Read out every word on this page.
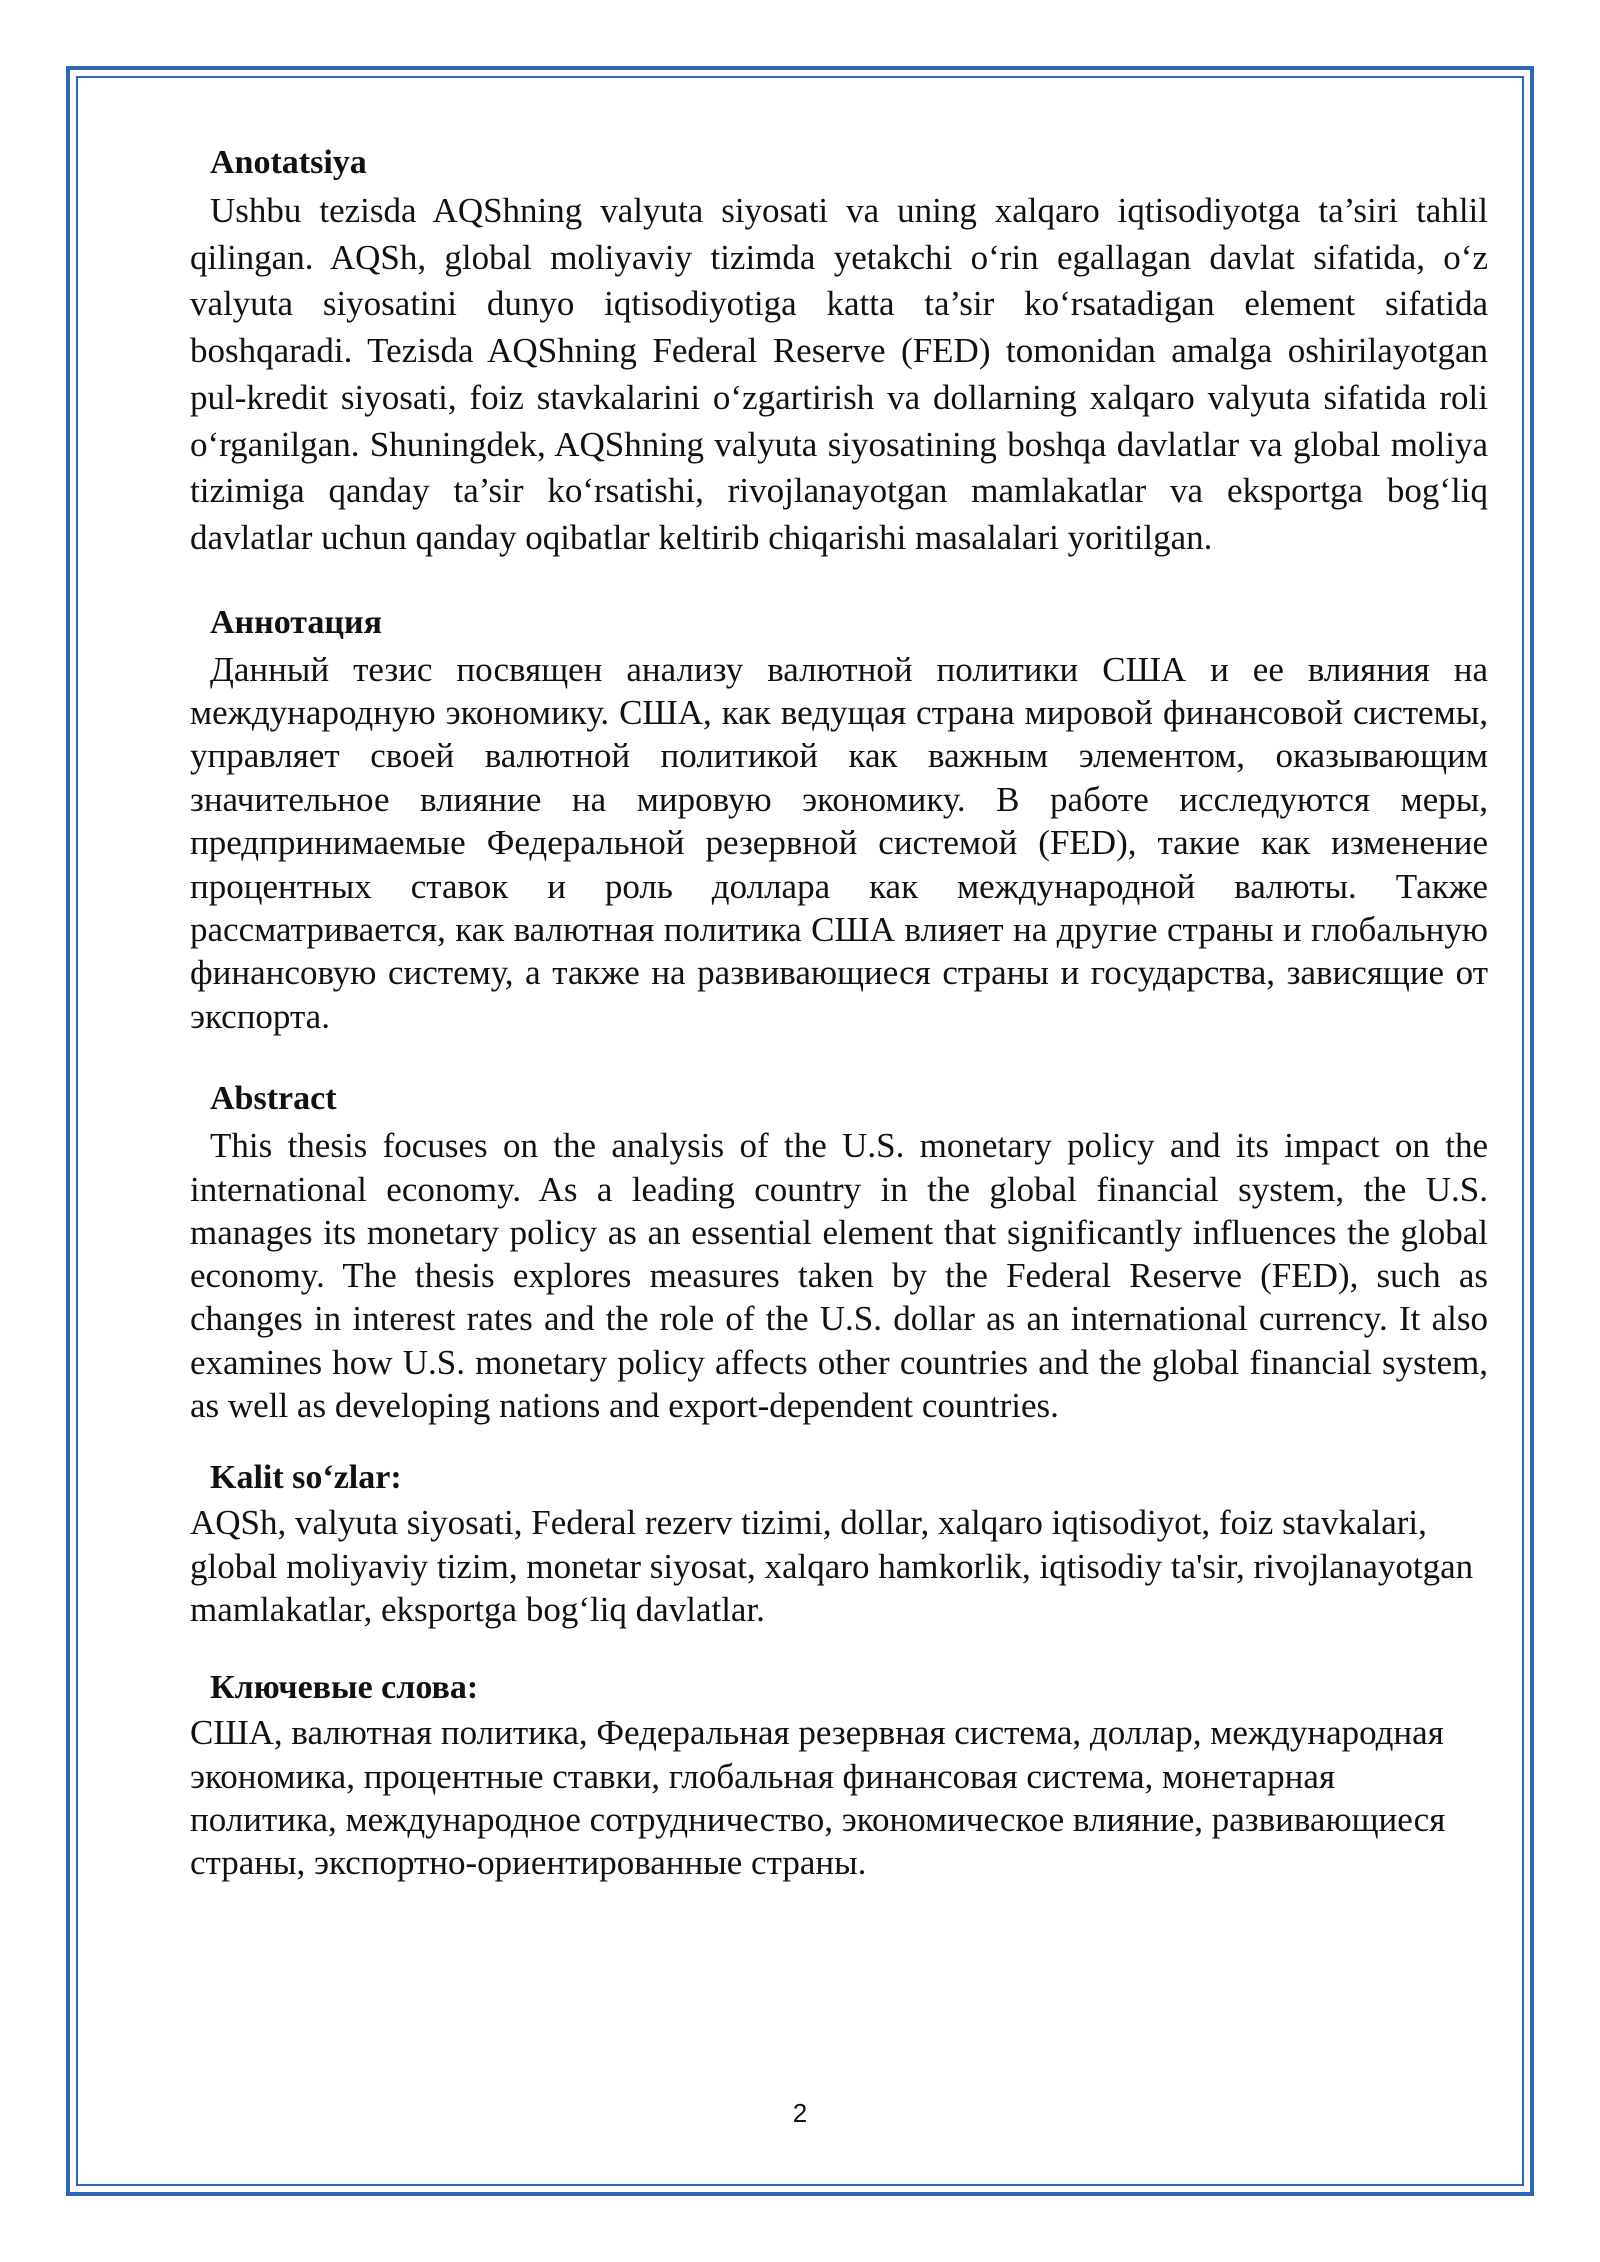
Anotatsiya

Ushbu tezisda AQShning valyuta siyosati va uning xalqaro iqtisodiyotga ta’siri tahlil qilingan. AQSh, global moliyaviy tizimda yetakchi o‘rin egallagan davlat sifatida, o‘z valyuta siyosatini dunyo iqtisodiyotiga katta ta’sir ko‘rsatadigan element sifatida boshqaradi. Tezisda AQShning Federal Reserve (FED) tomonidan amalga oshirilayotgan pul-kredit siyosati, foiz stavkalarini o‘zgartirish va dollarning xalqaro valyuta sifatida roli o‘rganilgan. Shuningdek, AQShning valyuta siyosatining boshqa davlatlar va global moliya tizimiga qanday ta’sir ko‘rsatishi, rivojlanayotgan mamlakatlar va eksportga bog‘liq davlatlar uchun qanday oqibatlar keltirib chiqarishi masalalari yoritilgan.

Аннотация

Данный тезис посвящен анализу валютной политики США и ее влияния на международную экономику. США, как ведущая страна мировой финансовой системы, управляет своей валютной политикой как важным элементом, оказывающим значительное влияние на мировую экономику. В работе исследуются меры, предпринимаемые Федеральной резервной системой (FED), такие как изменение процентных ставок и роль доллара как международной валюты. Также рассматривается, как валютная политика США влияет на другие страны и глобальную финансовую систему, а также на развивающиеся страны и государства, зависящие от экспорта.

Abstract

This thesis focuses on the analysis of the U.S. monetary policy and its impact on the international economy. As a leading country in the global financial system, the U.S. manages its monetary policy as an essential element that significantly influences the global economy. The thesis explores measures taken by the Federal Reserve (FED), such as changes in interest rates and the role of the U.S. dollar as an international currency. It also examines how U.S. monetary policy affects other countries and the global financial system, as well as developing nations and export-dependent countries.

Kalit so‘zlar:

AQSh, valyuta siyosati, Federal rezerv tizimi, dollar, xalqaro iqtisodiyot, foiz stavkalari, global moliyaviy tizim, monetar siyosat, xalqaro hamkorlik, iqtisodiy ta'sir, rivojlanayotgan mamlakatlar, eksportga bog‘liq davlatlar.

Ключевые слова:

США, валютная политика, Федеральная резервная система, доллар, международная экономика, процентные ставки, глобальная финансовая система, монетарная политика, международное сотрудничество, экономическое влияние, развивающиеся страны, экспортно-ориентированные страны.

2
